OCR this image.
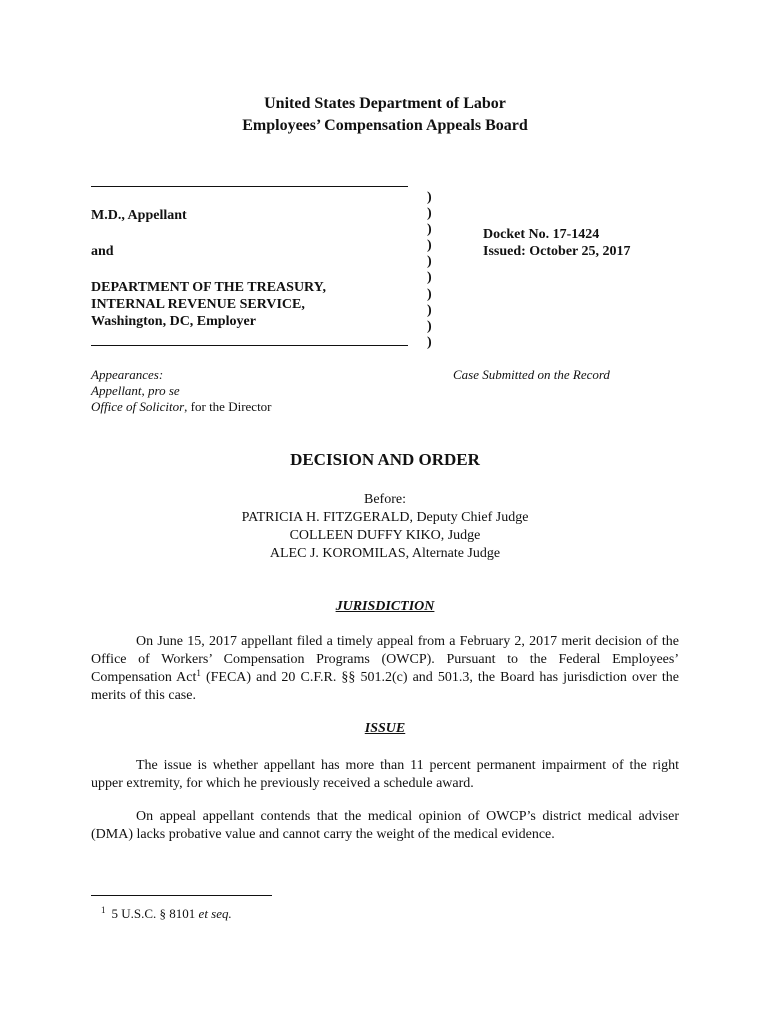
United States Department of Labor
Employees’ Compensation Appeals Board
M.D., Appellant
and
DEPARTMENT OF THE TREASURY,
INTERNAL REVENUE SERVICE,
Washington, DC, Employer
)
)
)
)
)
)
)
)
)
)
Docket No. 17-1424
Issued: October 25, 2017
Appearances:
Appellant, pro se
Office of Solicitor, for the Director
Case Submitted on the Record
DECISION AND ORDER
Before:
PATRICIA H. FITZGERALD, Deputy Chief Judge
COLLEEN DUFFY KIKO, Judge
ALEC J. KOROMILAS, Alternate Judge
JURISDICTION
On June 15, 2017 appellant filed a timely appeal from a February 2, 2017 merit decision of the Office of Workers’ Compensation Programs (OWCP). Pursuant to the Federal Employees’ Compensation Act$^1$ (FECA) and 20 C.F.R. §§ 501.2(c) and 501.3, the Board has jurisdiction over the merits of this case.
ISSUE
The issue is whether appellant has more than 11 percent permanent impairment of the right upper extremity, for which he previously received a schedule award.
On appeal appellant contends that the medical opinion of OWCP’s district medical adviser (DMA) lacks probative value and cannot carry the weight of the medical evidence.
$^1$ 5 U.S.C. § 8101 et seq.
